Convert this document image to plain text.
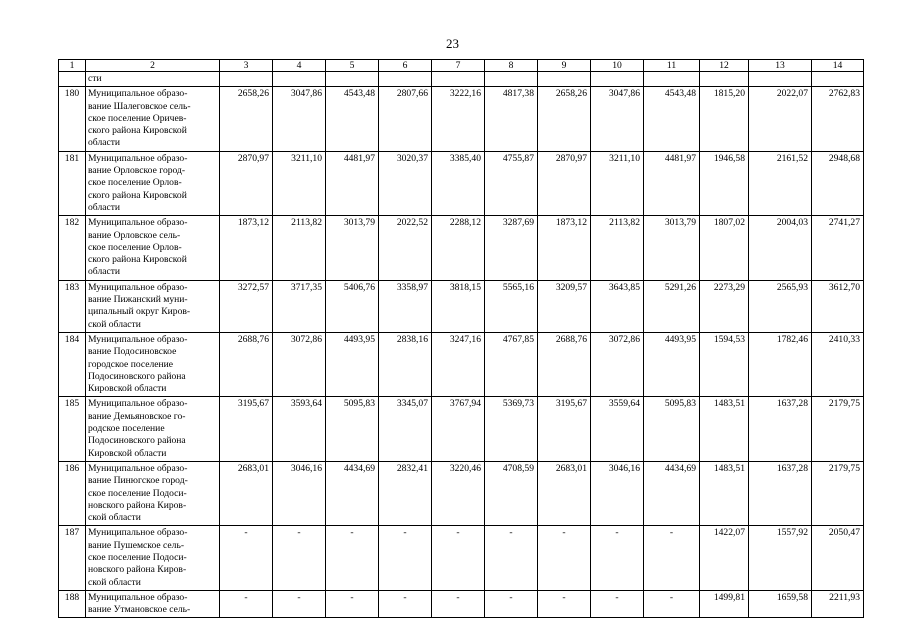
23
1	2	3	4	5	6	7	8	9	10	11	12	13	14
	сти												
180	Муниципальное образо-
вание Шалеговское сель-
ское поселение Оричев-
ского района Кировской
области	2658,26	3047,86	4543,48	2807,66	3222,16	4817,38	2658,26	3047,86	4543,48	1815,20	2022,07	2762,83
181	Муниципальное образо-
вание Орловское город-
ское поселение Орлов-
ского района Кировской
области	2870,97	3211,10	4481,97	3020,37	3385,40	4755,87	2870,97	3211,10	4481,97	1946,58	2161,52	2948,68
182	Муниципальное образо-
вание Орловское сель-
ское поселение Орлов-
ского района Кировской
области	1873,12	2113,82	3013,79	2022,52	2288,12	3287,69	1873,12	2113,82	3013,79	1807,02	2004,03	2741,27
183	Муниципальное образо-
вание Пижанский муни-
ципальный округ Киров-
ской области	3272,57	3717,35	5406,76	3358,97	3818,15	5565,16	3209,57	3643,85	5291,26	2273,29	2565,93	3612,70
184	Муниципальное образо-
вание Подосиновское
городское поселение
Подосиновского района
Кировской области	2688,76	3072,86	4493,95	2838,16	3247,16	4767,85	2688,76	3072,86	4493,95	1594,53	1782,46	2410,33
185	Муниципальное образо-
вание Демьяновское го-
родское поселение
Подосиновского района
Кировской области	3195,67	3593,64	5095,83	3345,07	3767,94	5369,73	3195,67	3559,64	5095,83	1483,51	1637,28	2179,75
186	Муниципальное образо-
вание Пинюгское город-
ское поселение Подоси-
новского района Киров-
ской области	2683,01	3046,16	4434,69	2832,41	3220,46	4708,59	2683,01	3046,16	4434,69	1483,51	1637,28	2179,75
187	Муниципальное образо-
вание Пушемское сель-
ское поселение Подоси-
новского района Киров-
ской области	-	-	-	-	-	-	-	-	-	1422,07	1557,92	2050,47
188	Муниципальное образо-
вание Утмановское сель-	-	-	-	-	-	-	-	-	-	1499,81	1659,58	2211,93
